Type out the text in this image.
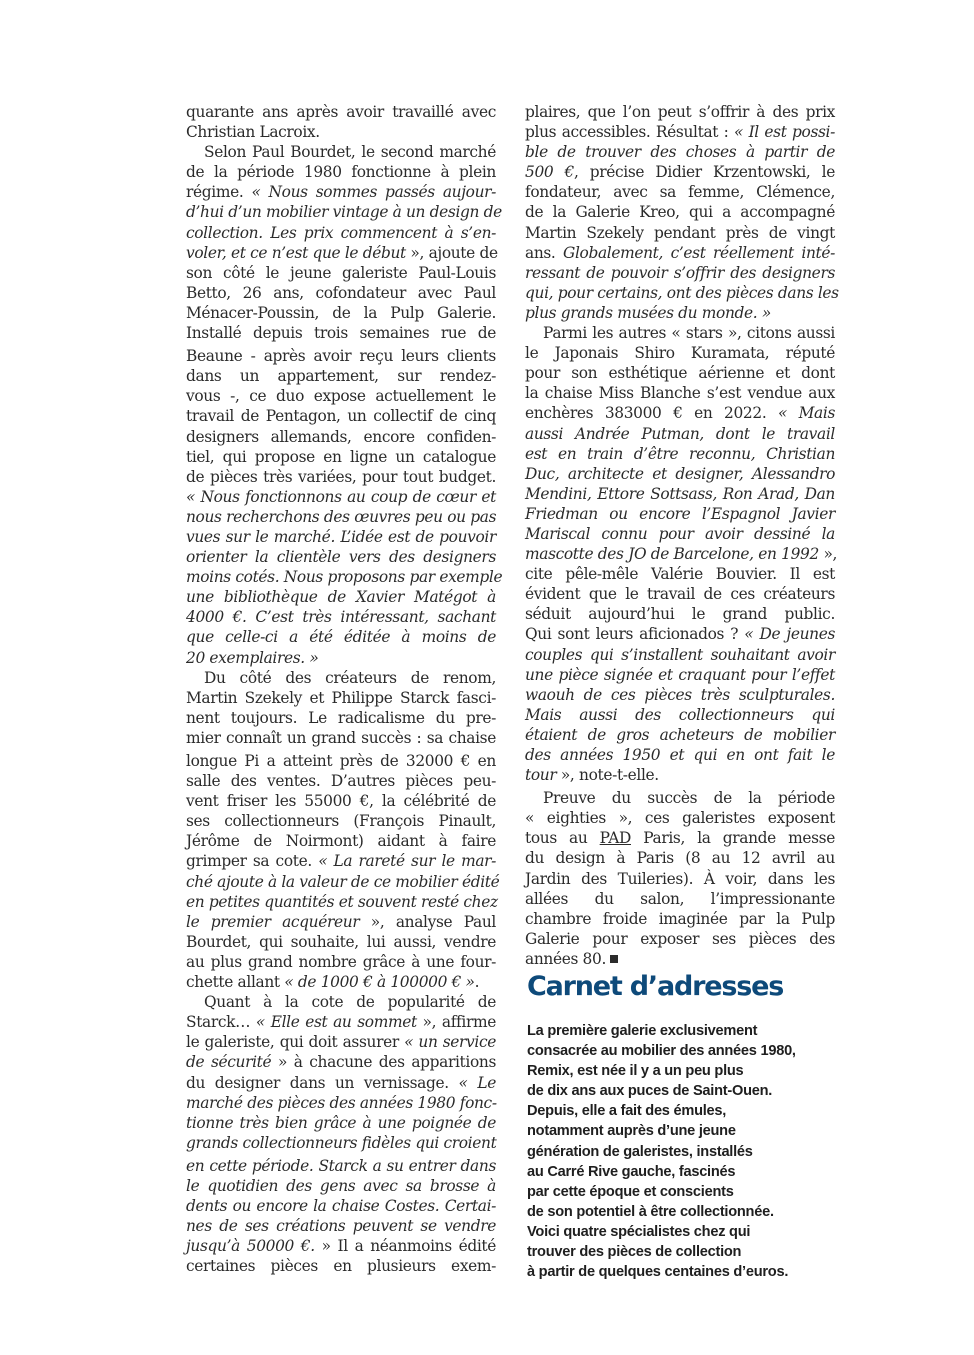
quarante ans après avoir travaillé avec
Christian Lacroix.
Selon Paul Bourdet, le second marché
de la période 1980 fonctionne à plein
régime. « Nous sommes passés aujour-
d’hui d’un mobilier vintage à un design de
collection. Les prix commencent à s’en-
voler, et ce n’est que le début », ajoute de
son côté le jeune galeriste Paul-Louis
Betto, 26 ans, cofondateur avec Paul
Ménacer-Poussin, de la Pulp Galerie.
Installé depuis trois semaines rue de
Beaune - après avoir reçu leurs clients
dans un appartement, sur rendez-
vous -, ce duo expose actuellement le
travail de Pentagon, un collectif de cinq
designers allemands, encore confiden-
tiel, qui propose en ligne un catalogue
de pièces très variées, pour tout budget.
« Nous fonctionnons au coup de cœur et
nous recherchons des œuvres peu ou pas
vues sur le marché. L’idée est de pouvoir
orienter la clientèle vers des designers
moins cotés. Nous proposons par exemple
une bibliothèque de Xavier Matégot à
4000 €. C’est très intéressant, sachant
que celle-ci a été éditée à moins de
20 exemplaires. »
Du côté des créateurs de renom,
Martin Szekely et Philippe Starck fasci-
nent toujours. Le radicalisme du pre-
mier connaît un grand succès : sa chaise
longue Pi a atteint près de 32000 € en
salle des ventes. D’autres pièces peu-
vent friser les 55000 €, la célébrité de
ses collectionneurs (François Pinault,
Jérôme de Noirmont) aidant à faire
grimper sa cote. « La rareté sur le mar-
ché ajoute à la valeur de ce mobilier édité
en petites quantités et souvent resté chez
le premier acquéreur », analyse Paul
Bourdet, qui souhaite, lui aussi, vendre
au plus grand nombre grâce à une four-
chette allant « de 1000 € à 100000 € ».
Quant à la cote de popularité de
Starck… « Elle est au sommet », affirme
le galeriste, qui doit assurer « un service
de sécurité » à chacune des apparitions
du designer dans un vernissage. « Le
marché des pièces des années 1980 fonc-
tionne très bien grâce à une poignée de
grands collectionneurs fidèles qui croient
en cette période. Starck a su entrer dans
le quotidien des gens avec sa brosse à
dents ou encore la chaise Costes. Certai-
nes de ses créations peuvent se vendre
jusqu’à 50000 €. » Il a néanmoins édité
certaines pièces en plusieurs exem-
plaires, que l’on peut s’offrir à des prix
plus accessibles. Résultat : « Il est possi-
ble de trouver des choses à partir de
500 €, précise Didier Krzentowski, le
fondateur, avec sa femme, Clémence,
de la Galerie Kreo, qui a accompagné
Martin Szekely pendant près de vingt
ans. Globalement, c’est réellement inté-
ressant de pouvoir s’offrir des designers
qui, pour certains, ont des pièces dans les
plus grands musées du monde. »
Parmi les autres « stars », citons aussi
le Japonais Shiro Kuramata, réputé
pour son esthétique aérienne et dont
la chaise Miss Blanche s’est vendue aux
enchères 383000 € en 2022. « Mais
aussi Andrée Putman, dont le travail
est en train d’être reconnu, Christian
Duc, architecte et designer, Alessandro
Mendini, Ettore Sottsass, Ron Arad, Dan
Friedman ou encore l’Espagnol Javier
Mariscal connu pour avoir dessiné la
mascotte des JO de Barcelone, en 1992 »,
cite pêle-mêle Valérie Bouvier. Il est
évident que le travail de ces créateurs
séduit aujourd’hui le grand public.
Qui sont leurs aficionados ? « De jeunes
couples qui s’installent souhaitant avoir
une pièce signée et craquant pour l’effet
waouh de ces pièces très sculpturales.
Mais aussi des collectionneurs qui
étaient de gros acheteurs de mobilier
des années 1950 et qui en ont fait le
tour », note-t-elle.
Preuve du succès de la période
« eighties », ces galeristes exposent
tous au PAD Paris, la grande messe
du design à Paris (8 au 12 avril au
Jardin des Tuileries). À voir, dans les
allées du salon, l’impressionante
chambre froide imaginée par la Pulp
Galerie pour exposer ses pièces des
années 80.
Carnet d’adresses
La première galerie exclusivement
consacrée au mobilier des années 1980,
Remix, est née il y a un peu plus
de dix ans aux puces de Saint-Ouen.
Depuis, elle a fait des émules,
notamment auprès d’une jeune
génération de galeristes, installés
au Carré Rive gauche, fascinés
par cette époque et conscients
de son potentiel à être collectionnée.
Voici quatre spécialistes chez qui
trouver des pièces de collection
à partir de quelques centaines d’euros.
